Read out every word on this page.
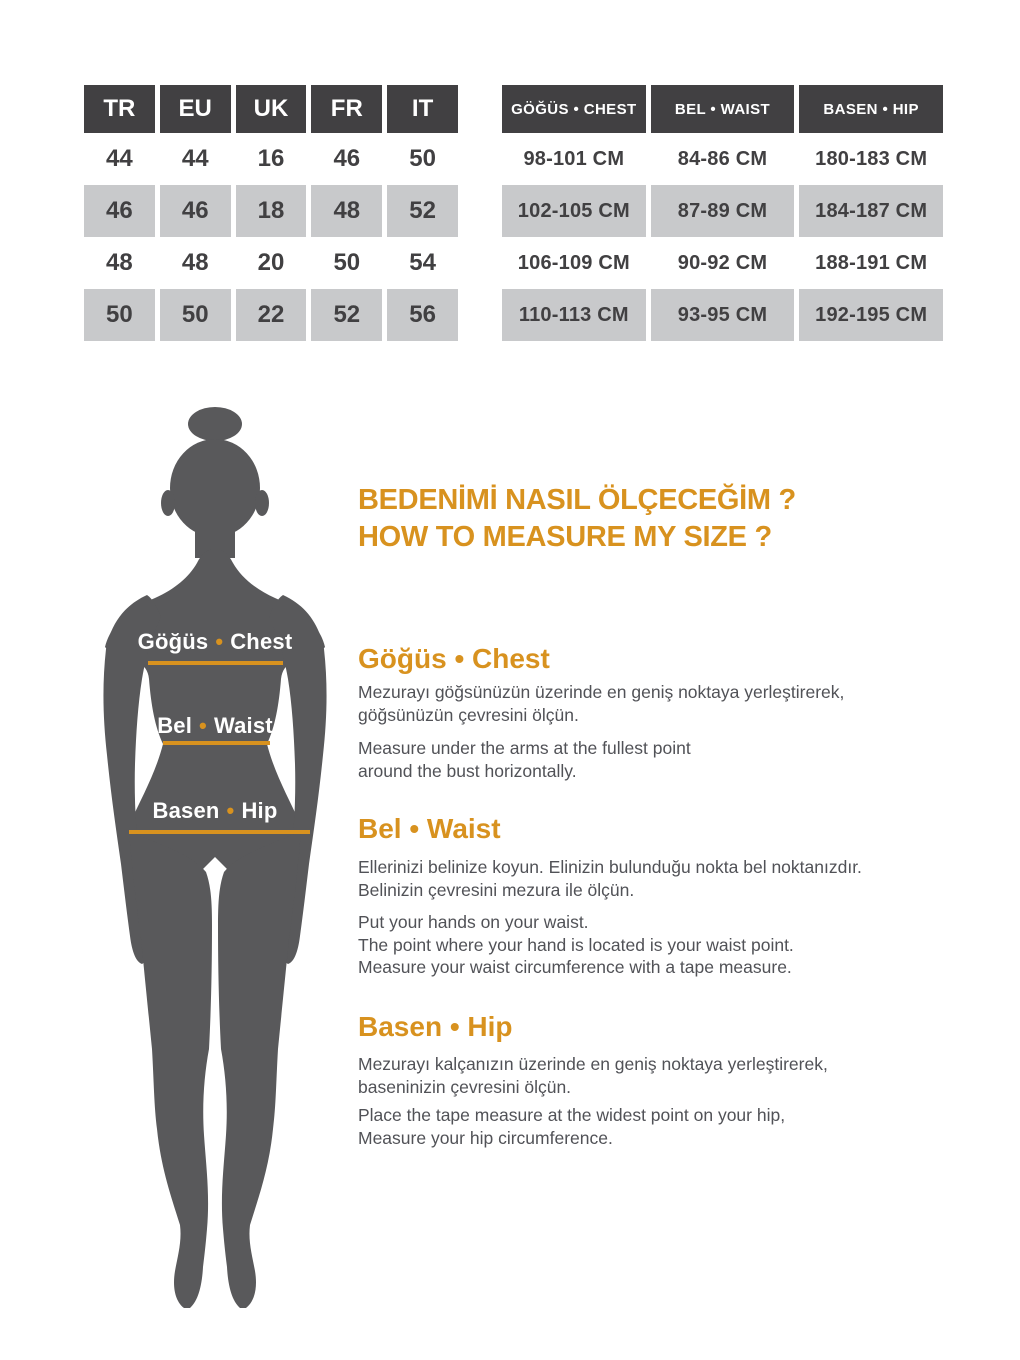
TR	EU	UK	FR	IT
44	44	16	46	50
46	46	18	48	52
48	48	20	50	54
50	50	22	52	56
GÖĞÜS • CHEST	BEL • WAIST	BASEN • HIP
98-101 CM	84-86 CM	180-183 CM
102-105 CM	87-89 CM	184-187 CM
106-109 CM	90-92 CM	188-191 CM
110-113 CM	93-95 CM	192-195 CM
Göğüs • Chest
Bel • Waist
Basen • Hip
BEDENİMİ NASIL ÖLÇECEĞİM ?
HOW TO MEASURE MY SIZE ?
Göğüs • Chest
Mezurayı göğsünüzün üzerinde en geniş noktaya yerleştirerek,
göğsünüzün çevresini ölçün.
Measure under the arms at the fullest point
around the bust horizontally.
Bel • Waist
Ellerinizi belinize koyun. Elinizin bulunduğu nokta bel noktanızdır.
Belinizin çevresini mezura ile ölçün.
Put your hands on your waist.
The point where your hand is located is your waist point.
Measure your waist circumference with a tape measure.
Basen • Hip
Mezurayı kalçanızın üzerinde en geniş noktaya yerleştirerek,
baseninizin çevresini ölçün.
Place the tape measure at the widest point on your hip,
Measure your hip circumference.
